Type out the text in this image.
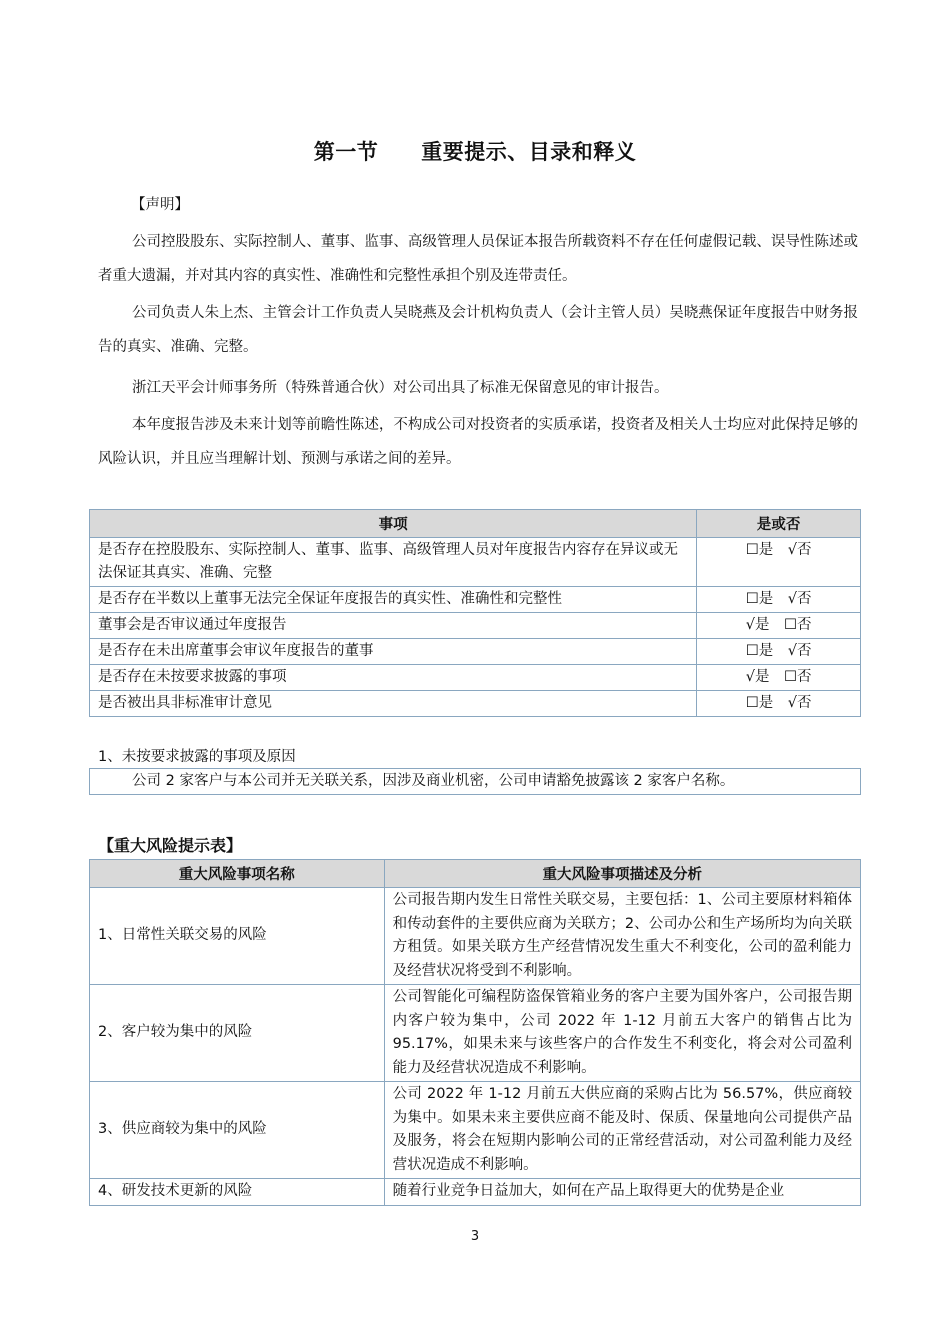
第一节　　重要提示、目录和释义
【声明】
公司控股股东、实际控制人、董事、监事、高级管理人员保证本报告所载资料不存在任何虚假记载、误导性陈述或者重大遗漏，并对其内容的真实性、准确性和完整性承担个别及连带责任。
公司负责人朱上杰、主管会计工作负责人吴晓燕及会计机构负责人（会计主管人员）吴晓燕保证年度报告中财务报告的真实、准确、完整。
浙江天平会计师事务所（特殊普通合伙）对公司出具了标准无保留意见的审计报告。
本年度报告涉及未来计划等前瞻性陈述，不构成公司对投资者的实质承诺，投资者及相关人士均应对此保持足够的风险认识，并且应当理解计划、预测与承诺之间的差异。
事项	是或否
是否存在控股股东、实际控制人、董事、监事、高级管理人员对年度报告内容存在异议或无法保证其真实、准确、完整	☐是　√否
是否存在半数以上董事无法完全保证年度报告的真实性、准确性和完整性	☐是　√否
董事会是否审议通过年度报告	√是　☐否
是否存在未出席董事会审议年度报告的董事	☐是　√否
是否存在未按要求披露的事项	√是　☐否
是否被出具非标准审计意见	☐是　√否
1、未按要求披露的事项及原因
公司 2 家客户与本公司并无关联关系，因涉及商业机密，公司申请豁免披露该 2 家客户名称。
【重大风险提示表】
重大风险事项名称	重大风险事项描述及分析
1、日常性关联交易的风险	公司报告期内发生日常性关联交易，主要包括：1、公司主要原材料箱体和传动套件的主要供应商为关联方；2、公司办公和生产场所均为向关联方租赁。如果关联方生产经营情况发生重大不利变化，公司的盈利能力及经营状况将受到不利影响。
2、客户较为集中的风险	公司智能化可编程防盗保管箱业务的客户主要为国外客户，公司报告期内客户较为集中，公司 2022 年 1-12 月前五大客户的销售占比为 95.17%，如果未来与该些客户的合作发生不利变化，将会对公司盈利能力及经营状况造成不利影响。
3、供应商较为集中的风险	公司 2022 年 1-12 月前五大供应商的采购占比为 56.57%，供应商较为集中。如果未来主要供应商不能及时、保质、保量地向公司提供产品及服务，将会在短期内影响公司的正常经营活动，对公司盈利能力及经营状况造成不利影响。
4、研发技术更新的风险	随着行业竞争日益加大，如何在产品上取得更大的优势是企业
3
